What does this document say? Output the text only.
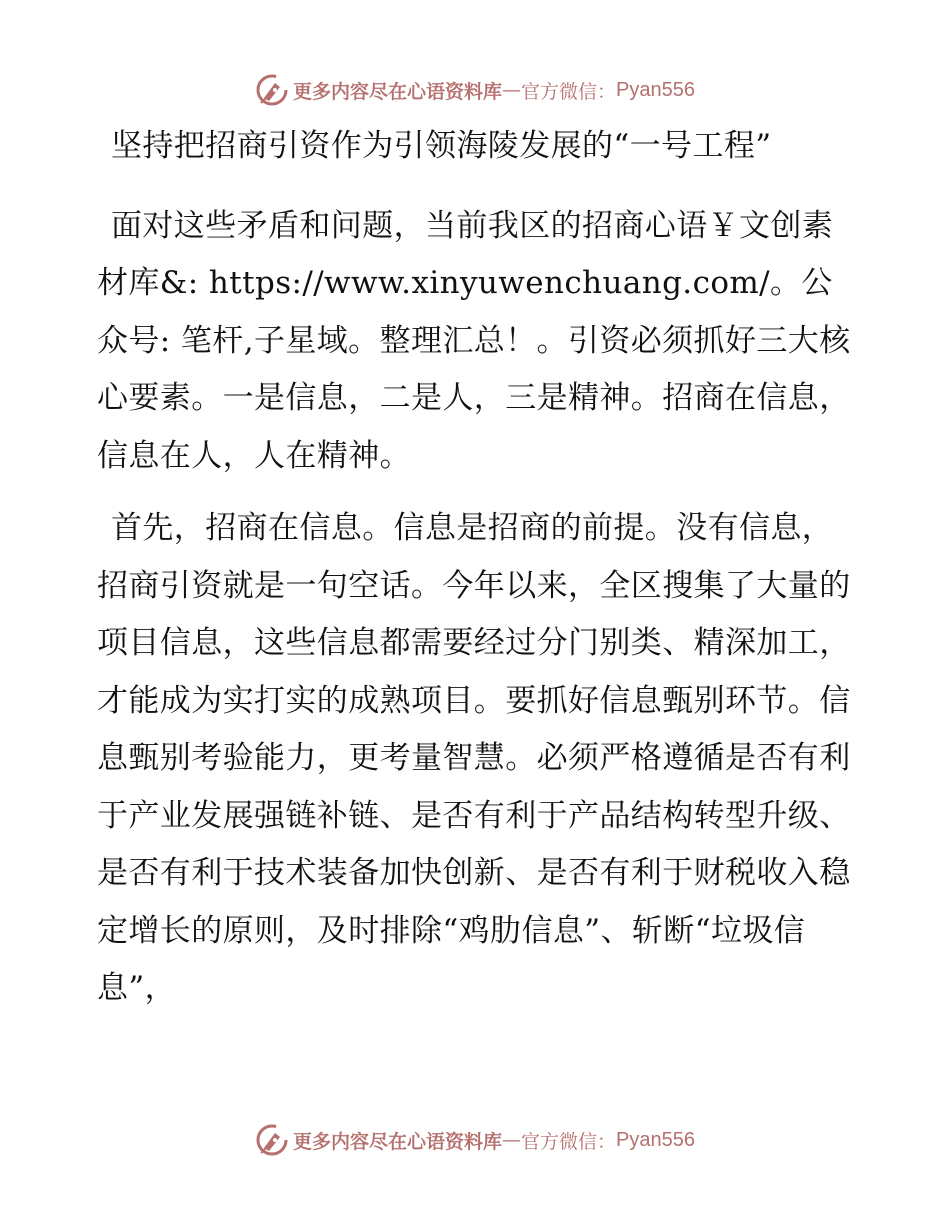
更多内容尽在心语资料库 — 官方微信： Pyan556

坚持把招商引资作为引领海陵发展的“一号工程”

面对这些矛盾和问题，当前我区的招商心语￥文创素材库&: https://www.xinyuwenchuang.com/。公众号: 笔杆,子星域。整理汇总！。引资必须抓好三大核心要素。一是信息，二是人，三是精神。招商在信息，信息在人，人在精神。

首先，招商在信息。信息是招商的前提。没有信息，招商引资就是一句空话。今年以来，全区搜集了大量的项目信息，这些信息都需要经过分门别类、精深加工，才能成为实打实的成熟项目。要抓好信息甄别环节。信息甄别考验能力，更考量智慧。必须严格遵循是否有利于产业发展强链补链、是否有利于产品结构转型升级、是否有利于技术装备加快创新、是否有利于财税收入稳定增长的原则，及时排除“鸡肋信息”、斩断“垃圾信息”，

更多内容尽在心语资料库 — 官方微信： Pyan556
